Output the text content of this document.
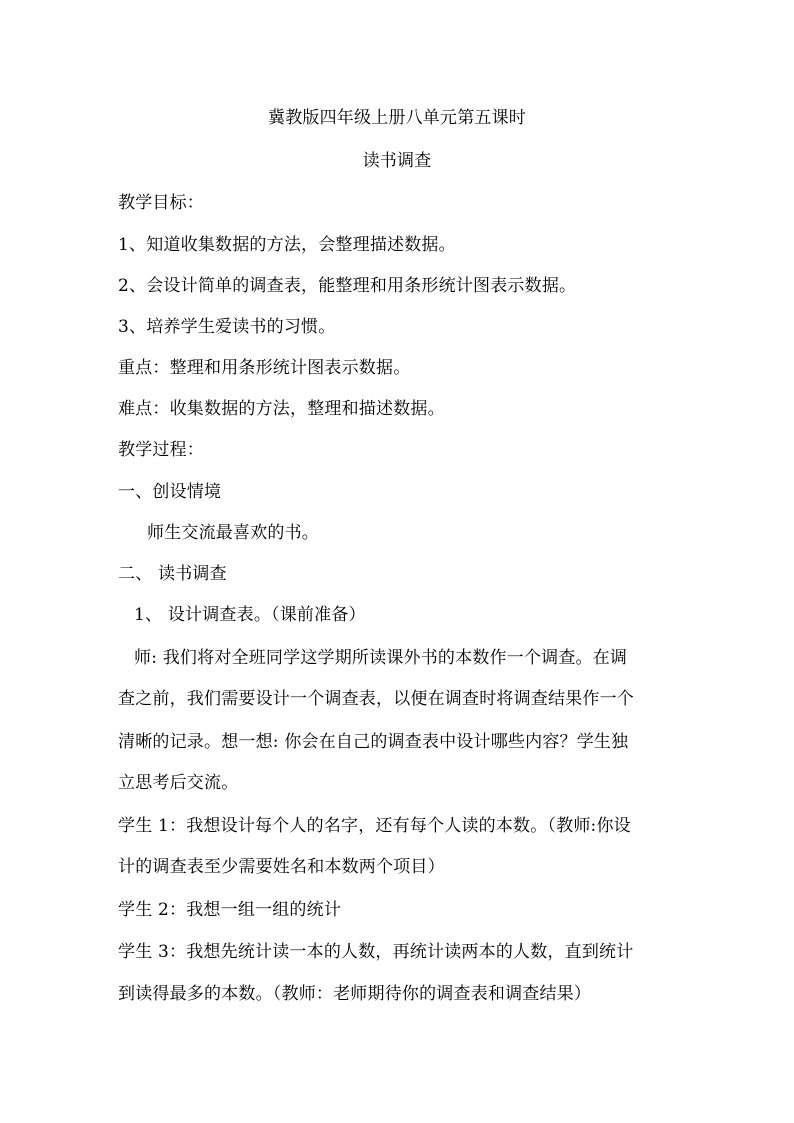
冀教版四年级上册八单元第五课时
读书调查
教学目标：
1、知道收集数据的方法，会整理描述数据。
2、会设计简单的调查表，能整理和用条形统计图表示数据。
3、培养学生爱读书的习惯。
重点：整理和用条形统计图表示数据。
难点：收集数据的方法，整理和描述数据。
教学过程：
一、创设情境
师生交流最喜欢的书。
二、 读书调查
1、 设计调查表。（课前准备）
师: 我们将对全班同学这学期所读课外书的本数作一个调查。在调
查之前，我们需要设计一个调查表，以便在调查时将调查结果作一个
清晰的记录。想一想: 你会在自己的调查表中设计哪些内容？学生独
立思考后交流。
学生 1：我想设计每个人的名字，还有每个人读的本数。（教师:你设
计的调查表至少需要姓名和本数两个项目）
学生 2：我想一组一组的统计
学生 3：我想先统计读一本的人数，再统计读两本的人数，直到统计
到读得最多的本数。（教师：老师期待你的调查表和调查结果）
